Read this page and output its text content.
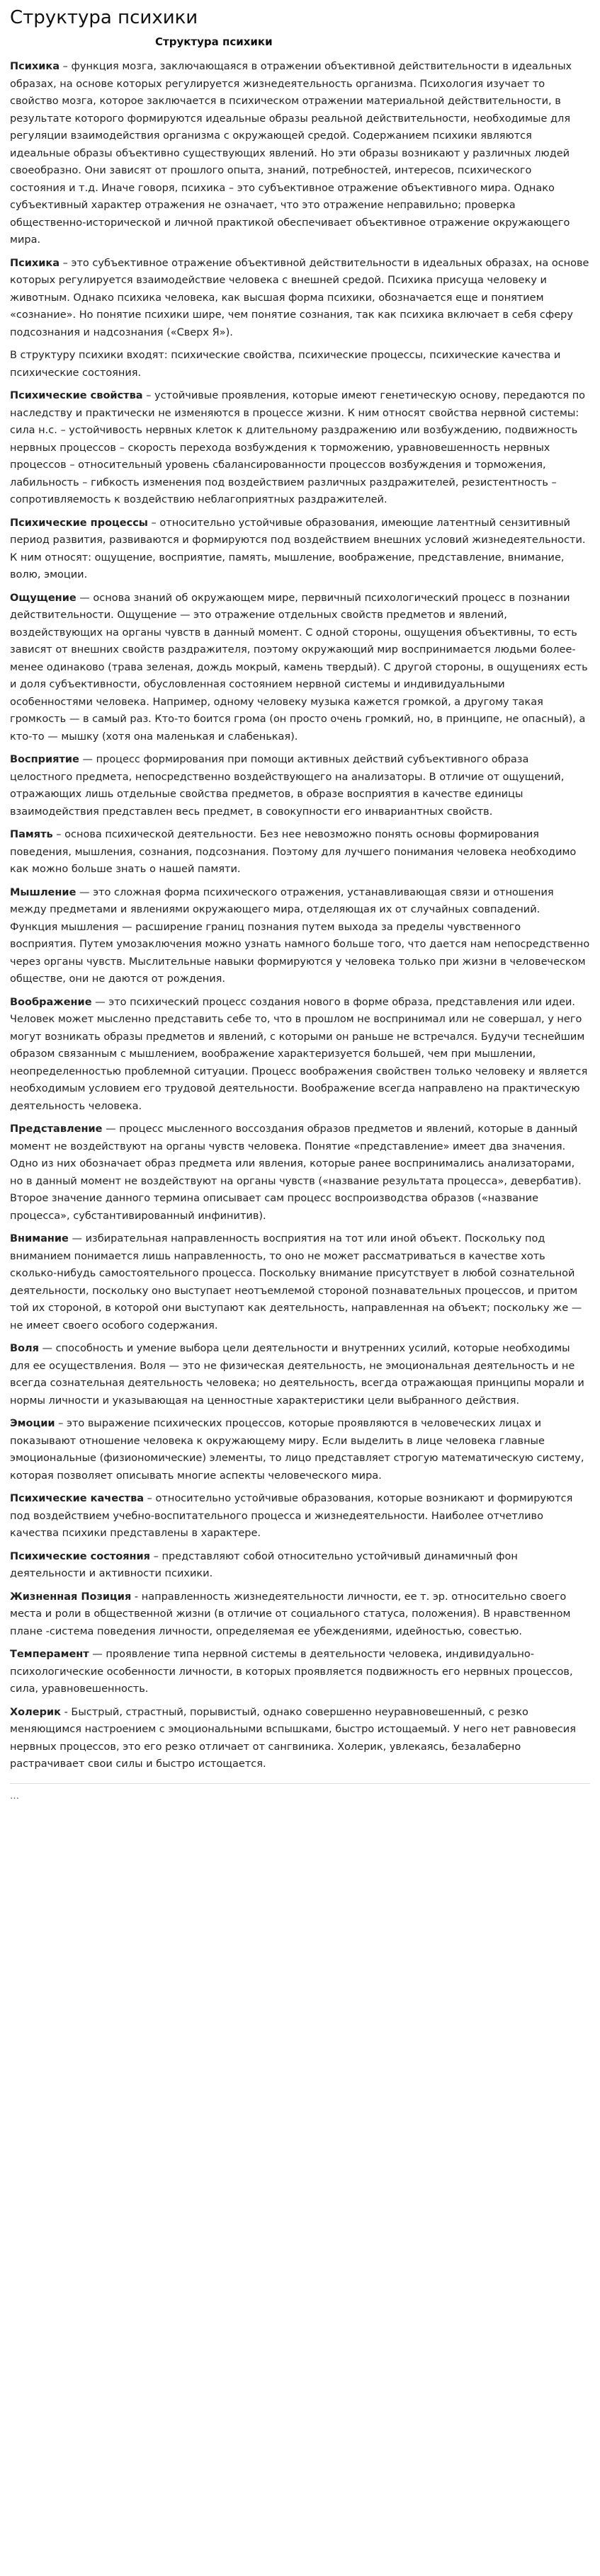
Структура психики
Структура психики

Психика – функция мозга, заключающаяся в отражении объективной действительности в идеальных образах, на основе которых регулируется жизнедеятельность организма. Психология изучает то свойство мозга, которое заключается в психическом отражении материальной действительности, в результате которого формируются идеальные образы реальной действительности, необходимые для регуляции взаимодействия организма с окружающей средой. Содержанием психики являются идеальные образы объективно существующих явлений. Но эти образы возникают у различных людей своеобразно. Они зависят от прошлого опыта, знаний, потребностей, интересов, психического состояния и т.д. Иначе говоря, психика – это субъективное отражение объективного мира. Однако субъективный характер отражения не означает, что это отражение неправильно; проверка общественно-исторической и личной практикой обеспечивает объективное отражение окружающего мира.

Психика – это субъективное отражение объективной действительности в идеальных образах, на основе которых регулируется взаимодействие человека с внешней средой. Психика присуща человеку и животным. Однако психика человека, как высшая форма психики, обозначается еще и понятием «сознание». Но понятие психики шире, чем понятие сознания, так как психика включает в себя сферу подсознания и надсознания («Сверх Я»).

В структуру психики входят: психические свойства, психические процессы, психические качества и психические состояния.

Психические свойства – устойчивые проявления, которые имеют генетическую основу, передаются по наследству и практически не изменяются в процессе жизни. К ним относят свойства нервной системы: сила н.с. – устойчивость нервных клеток к длительному раздражению или возбуждению, подвижность нервных процессов – скорость перехода возбуждения к торможению, уравновешенность нервных процессов – относительный уровень сбалансированности процессов возбуждения и торможения, лабильность – гибкость изменения под воздействием различных раздражителей, резистентность – сопротивляемость к воздействию неблагоприятных раздражителей.

Психические процессы – относительно устойчивые образования, имеющие латентный сензитивный период развития, развиваются и формируются под воздействием внешних условий жизнедеятельности. К ним относят: ощущение, восприятие, память, мышление, воображение, представление, внимание, волю, эмоции.

Ощущение — основа знаний об окружающем мире, первичный психологический процесс в познании действительности. Ощущение — это отражение отдельных свойств предметов и явлений, воздействующих на органы чувств в данный момент. С одной стороны, ощущения объективны, то есть зависят от внешних свойств раздражителя, поэтому окружающий мир воспринимается людьми более-менее одинаково (трава зеленая, дождь мокрый, камень твердый). С другой стороны, в ощущениях есть и доля субъективности, обусловленная состоянием нервной системы и индивидуальными особенностями человека. Например, одному человеку музыка кажется громкой, а другому такая громкость — в самый раз. Кто-то боится грома (он просто очень громкий, но, в принципе, не опасный), а кто-то — мышку (хотя она маленькая и слабенькая).

Восприятие — процесс формирования при помощи активных действий субъективного образа целостного предмета, непосредственно воздействующего на анализаторы. В отличие от ощущений, отражающих лишь отдельные свойства предметов, в образе восприятия в качестве единицы взаимодействия представлен весь предмет, в совокупности его инвариантных свойств.

Память – основа психической деятельности. Без нее невозможно понять основы формирования поведения, мышления, сознания, подсознания. Поэтому для лучшего понимания человека необходимо как можно больше знать о нашей памяти.

Мышление — это сложная форма психического отражения, устанавливающая связи и отношения между предметами и явлениями окружающего мира, отделяющая их от случайных совпадений. Функция мышления — расширение границ познания путем выхода за пределы чувственного восприятия. Путем умозаключения можно узнать намного больше того, что дается нам непосредственно через органы чувств. Мыслительные навыки формируются у человека только при жизни в человеческом обществе, они не даются от рождения.

Воображение — это психический процесс создания нового в форме образа, представления или идеи. Человек может мысленно представить себе то, что в прошлом не воспринимал или не совершал, у него могут возникать образы предметов и явлений, с которыми он раньше не встречался. Будучи теснейшим образом связанным с мышлением, воображение характеризуется большей, чем при мышлении, неопределенностью проблемной ситуации. Процесс воображения свойствен только человеку и является необходимым условием его трудовой деятельности. Воображение всегда направлено на практическую деятельность человека.

Представление — процесс мысленного воссоздания образов предметов и явлений, которые в данный момент не воздействуют на органы чувств человека. Понятие «представление» имеет два значения. Одно из них обозначает образ предмета или явления, которые ранее воспринимались анализаторами, но в данный момент не воздействуют на органы чувств («название результата процесса», девербатив). Второе значение данного термина описывает сам процесс воспроизводства образов («название процесса», субстантивированный инфинитив).

Внимание — избирательная направленность восприятия на тот или иной объект. Поскольку под вниманием понимается лишь направленность, то оно не может рассматриваться в качестве хоть сколько-нибудь самостоятельного процесса. Поскольку внимание присутствует в любой сознательной деятельности, поскольку оно выступает неотъемлемой стороной познавательных процессов, и притом той их стороной, в которой они выступают как деятельность, направленная на объект; поскольку же — не имеет своего особого содержания.

Воля — способность и умение выбора цели деятельности и внутренних усилий, которые необходимы для ее осуществления. Воля — это не физическая деятельность, не эмоциональная деятельность и не всегда сознательная деятельность человека; но деятельность, всегда отражающая принципы морали и нормы личности и указывающая на ценностные характеристики цели выбранного действия.

Эмоции – это выражение психических процессов, которые проявляются в человеческих лицах и показывают отношение человека к окружающему миру. Если выделить в лице человека главные эмоциональные (физиономические) элементы, то лицо представляет строгую математическую систему, которая позволяет описывать многие аспекты человеческого мира.

Психические качества – относительно устойчивые образования, которые возникают и формируются под воздействием учебно-воспитательного процесса и жизнедеятельности. Наиболее отчетливо качества психики представлены в характере.

Психические состояния – представляют собой относительно устойчивый динамичный фон деятельности и активности психики.

Жизненная Позиция - направленность жизнедеятельности личности, ее т. эр. относительно своего места и роли в общественной жизни (в отличие от социального статуса, положения). В нравственном плане -система поведения личности, определяемая ее убеждениями, идейностью, совестью.

Темперамент — проявление типа нервной системы в деятельности человека, индивидуально-психологические особенности личности, в которых проявляется подвижность его нервных процессов, сила, уравновешенность.

Холерик - Быстрый, страстный, порывистый, однако совершенно неуравновешенный, с резко меняющимся настроением с эмоциональными вспышками, быстро истощаемый. У него нет равновесия нервных процессов, это его резко отличает от сангвиника. Холерик, увлекаясь, безалаберно растрачивает свои силы и быстро истощается.

…
